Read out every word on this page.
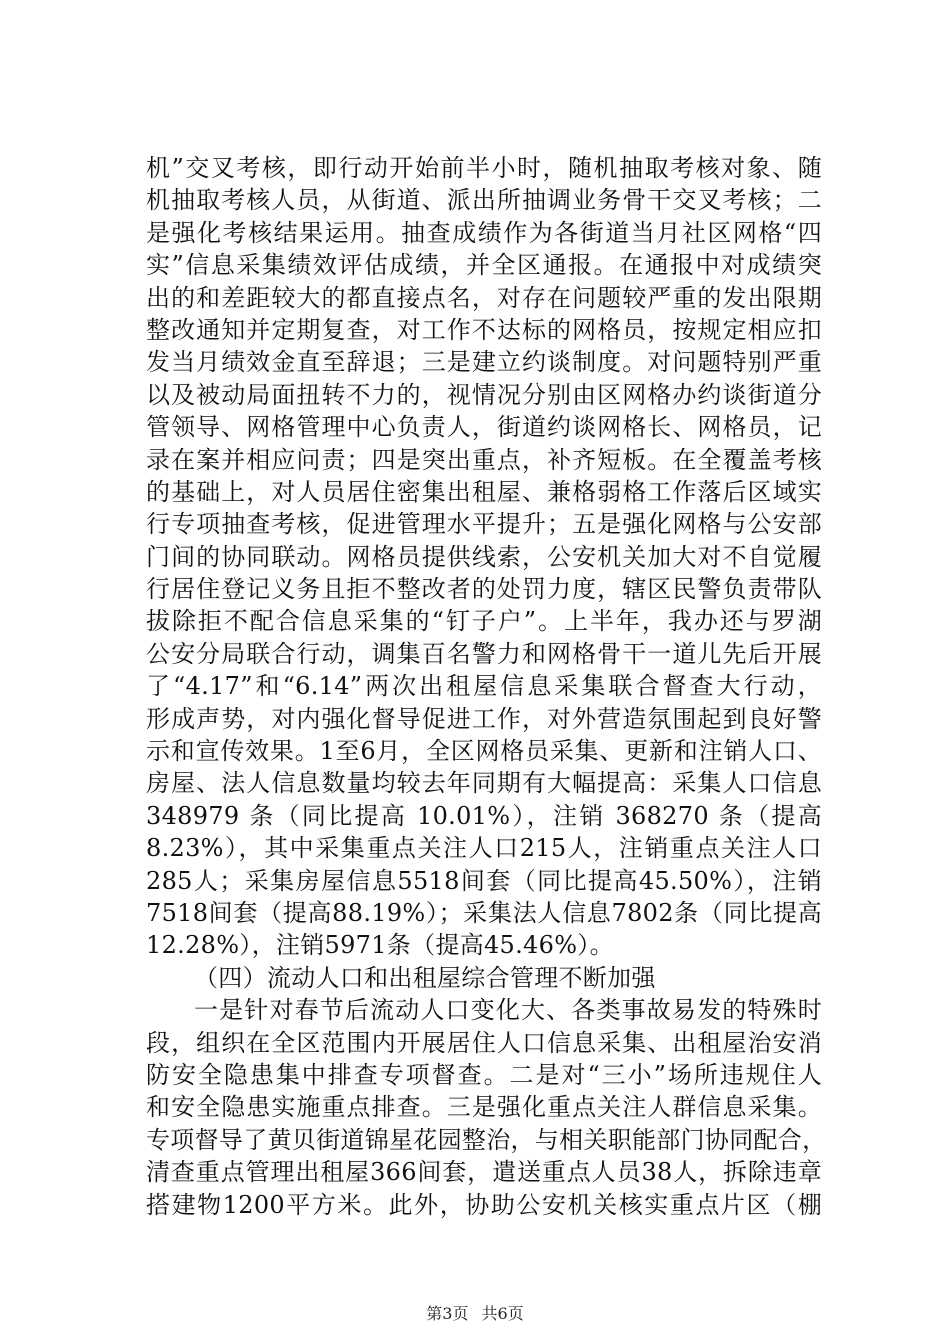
机”交叉考核，即行动开始前半小时，随机抽取考核对象、随
机抽取考核人员，从街道、派出所抽调业务骨干交叉考核；二
是强化考核结果运用。抽查成绩作为各街道当月社区网格“四
实”信息采集绩效评估成绩，并全区通报。在通报中对成绩突
出的和差距较大的都直接点名，对存在问题较严重的发出限期
整改通知并定期复查，对工作不达标的网格员，按规定相应扣
发当月绩效金直至辞退；三是建立约谈制度。对问题特别严重
以及被动局面扭转不力的，视情况分别由区网格办约谈街道分
管领导、网格管理中心负责人，街道约谈网格长、网格员，记
录在案并相应问责；四是突出重点，补齐短板。在全覆盖考核
的基础上，对人员居住密集出租屋、兼格弱格工作落后区域实
行专项抽查考核，促进管理水平提升；五是强化网格与公安部
门间的协同联动。网格员提供线索，公安机关加大对不自觉履
行居住登记义务且拒不整改者的处罚力度，辖区民警负责带队
拔除拒不配合信息采集的“钉子户”。上半年，我办还与罗湖
公安分局联合行动，调集百名警力和网格骨干一道儿先后开展
了“4.17”和“6.14”两次出租屋信息采集联合督查大行动，
形成声势，对内强化督导促进工作，对外营造氛围起到良好警
示和宣传效果。1至6月，全区网格员采集、更新和注销人口、
房屋、法人信息数量均较去年同期有大幅提高：采集人口信息
348979 条（同比提高 10.01%），注销 368270 条（提高
8.23%），其中采集重点关注人口215人，注销重点关注人口
285人；采集房屋信息5518间套（同比提高45.50%），注销
7518间套（提高88.19%）；采集法人信息7802条（同比提高
12.28%），注销5971条（提高45.46%）。
（四）流动人口和出租屋综合管理不断加强
一是针对春节后流动人口变化大、各类事故易发的特殊时
段，组织在全区范围内开展居住人口信息采集、出租屋治安消
防安全隐患集中排查专项督查。二是对“三小”场所违规住人
和安全隐患实施重点排查。三是强化重点关注人群信息采集。
专项督导了黄贝街道锦星花园整治，与相关职能部门协同配合，
清查重点管理出租屋366间套，遣送重点人员38人，拆除违章
搭建物1200平方米。此外，协助公安机关核实重点片区（棚
第3页 共6页
